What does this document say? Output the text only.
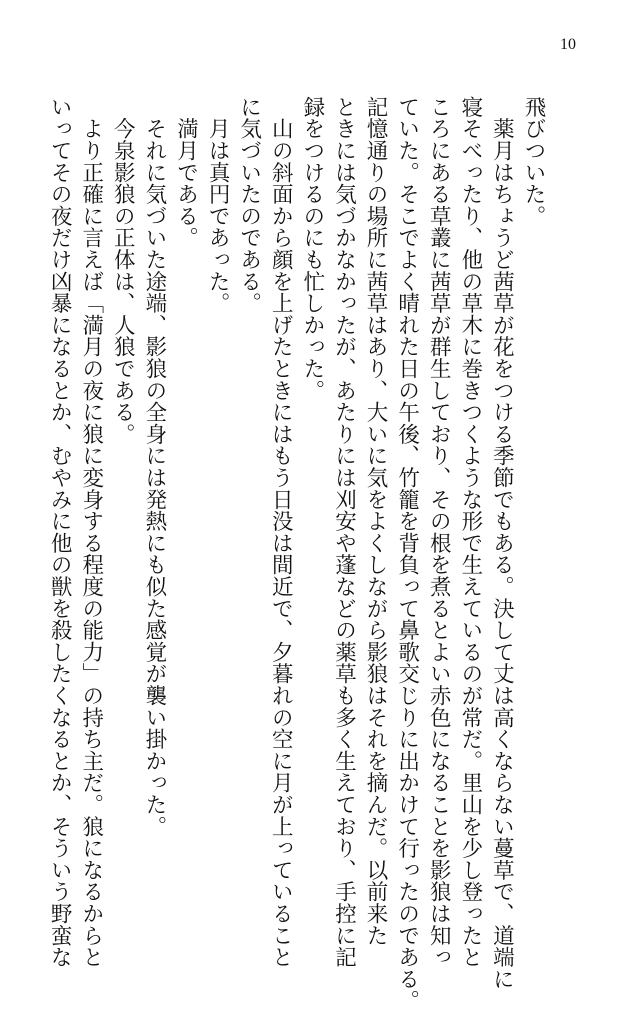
10
飛びついた。
　薬月はちょうど茜草が花をつける季節でもある。決して丈は高くならない蔓草で、道端に
寝そべったり、他の草木に巻きつくような形で生えているのが常だ。里山を少し登ったと
ころにある草叢に茜草が群生しており、その根を煮るとよい赤色になることを影狼は知っ
ていた。そこでよく晴れた日の午後、竹籠を背負って鼻歌交じりに出かけて行ったのである。
記憶通りの場所に茜草はあり、大いに気をよくしながら影狼はそれを摘んだ。以前来た
ときには気づかなかったが、あたりには刈安や蓬などの薬草も多く生えており、手控に記
録をつけるのにも忙しかった。
　山の斜面から顔を上げたときにはもう日没は間近で、夕暮れの空に月が上っていること
に気づいたのである。
　月は真円であった。
　満月である。
　それに気づいた途端、影狼の全身には発熱にも似た感覚が襲い掛かった。
　今泉影狼の正体は、人狼である。
　より正確に言えば「満月の夜に狼に変身する程度の能力」の持ち主だ。狼になるからと
いってその夜だけ凶暴になるとか、むやみに他の獣を殺したくなるとか、そういう野蛮な
